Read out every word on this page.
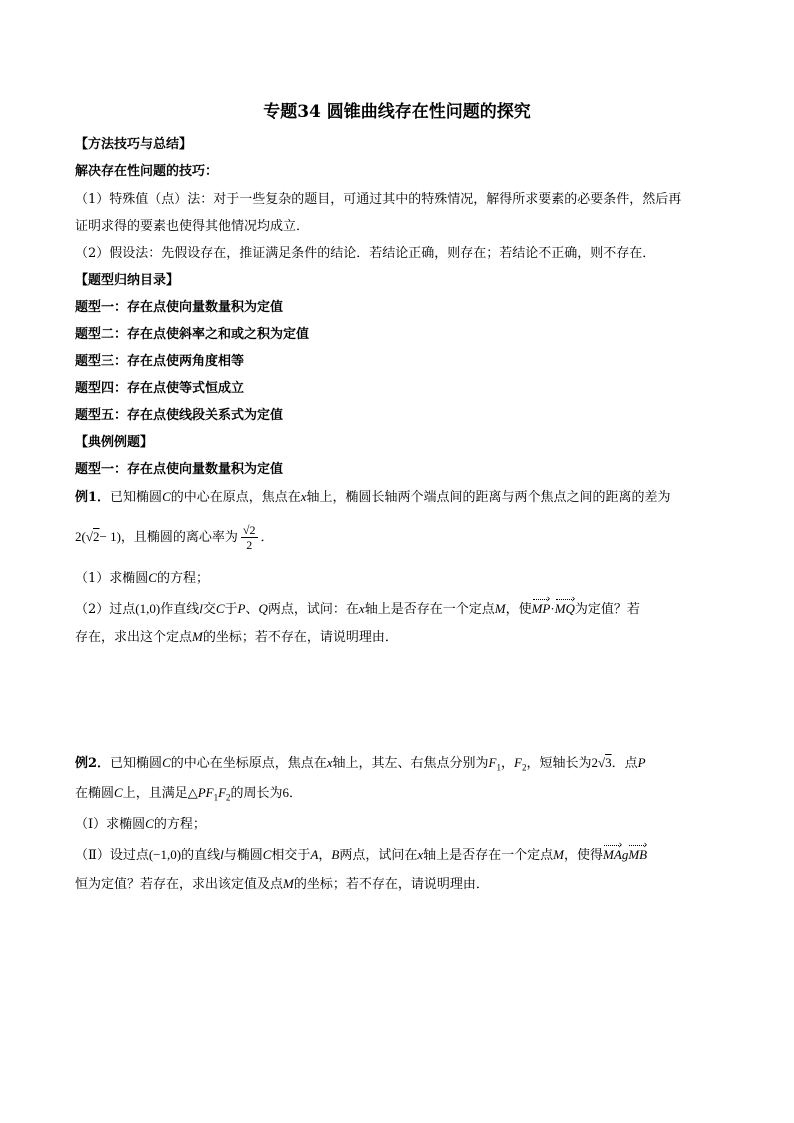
专题34 圆锥曲线存在性问题的探究
【方法技巧与总结】
解决存在性问题的技巧：
（1）特殊值（点）法：对于一些复杂的题目，可通过其中的特殊情况，解得所求要素的必要条件，然后再
证明求得的要素也使得其他情况均成立．
（2）假设法：先假设存在，推证满足条件的结论．若结论正确，则存在；若结论不正确，则不存在．
【题型归纳目录】
题型一：存在点使向量数量积为定值
题型二：存在点使斜率之和或之积为定值
题型三：存在点使两角度相等
题型四：存在点使等式恒成立
题型五：存在点使线段关系式为定值
【典例例题】
题型一：存在点使向量数量积为定值
例1．已知椭圆C的中心在原点，焦点在x轴上，椭圆长轴两个端点间的距离与两个焦点之间的距离的差为
2(√2− 1)，且椭圆的离心率为 $\frac{√2}{2}$ ．
（1）求椭圆C的方程；
（2）过点(1,0)作直线l交C于P、Q两点，试问：在x轴上是否存在一个定点M，使MP·MQ为定值？若
存在，求出这个定点M的坐标；若不存在，请说明理由．
例2．已知椭圆C的中心在坐标原点，焦点在x轴上，其左、右焦点分别为$F_1$，$F_2$，短轴长为2√3．点P
在椭圆C上，且满足$\triangle PF_1F_2$的周长为6．
（Ⅰ）求椭圆C的方程；
（Ⅱ）设过点(−1,0)的直线l与椭圆C相交于A，B两点，试问在x轴上是否存在一个定点M，使得MAgMB
恒为定值？若存在，求出该定值及点M的坐标；若不存在，请说明理由．
